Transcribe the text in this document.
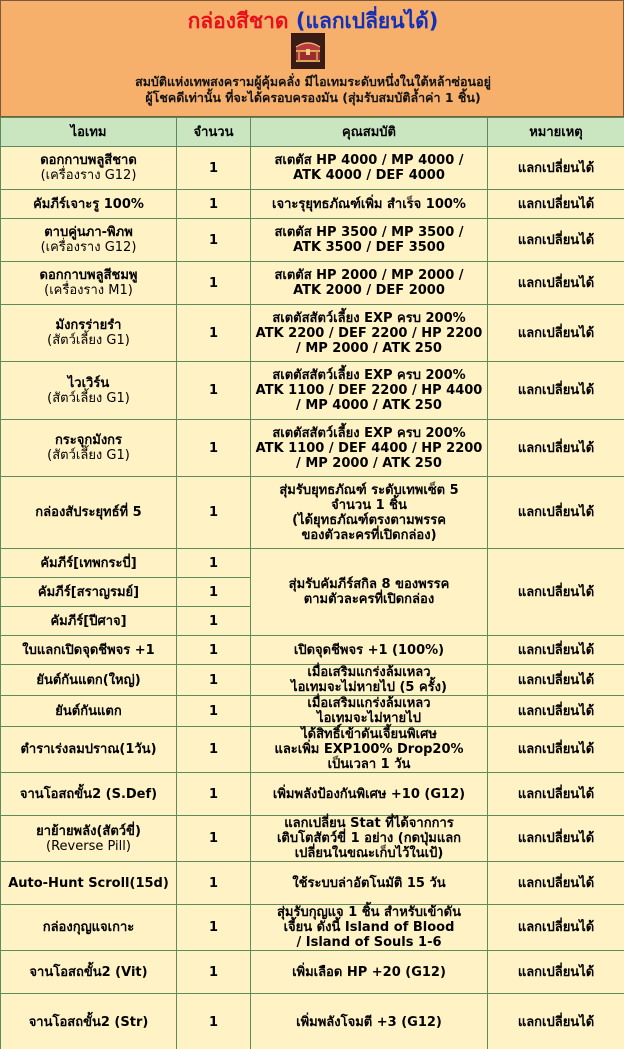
กล่องสีชาด (แลกเปลี่ยนได้)
สมบัติแห่งเทพสงครามผู้คุ้มคลั่ง มีไอเทมระดับหนึ่งในใต้หล้าซ่อนอยู่
ผู้โชคดีเท่านั้น ที่จะได้ครอบครองมัน (สุ่มรับสมบัติล้ำค่า 1 ชิ้น)
ไอเทม	จำนวน	คุณสมบัติ	หมายเหตุ

ดอกกาบพลูสีชาด
(เครื่องราง G12)	1	สเตตัส HP 4000 / MP 4000 /
ATK 4000 / DEF 4000	แลกเปลี่ยนได้

คัมภีร์เจาะรู 100%	1	เจาะรุยุทธภัณฑ์เพิ่ม สำเร็จ 100%	แลกเปลี่ยนได้

ตาบคู่นภา-พิภพ
(เครื่องราง G12)	1	สเตตัส HP 3500 / MP 3500 /
ATK 3500 / DEF 3500	แลกเปลี่ยนได้

ดอกกาบพลูสีชมพู
(เครื่องราง M1)	1	สเตตัส HP 2000 / MP 2000 /
ATK 2000 / DEF 2000	แลกเปลี่ยนได้

มังกรร่ายรำ
(สัตว์เลี้ยง G1)	1	สเตตัสสัตว์เลี้ยง EXP ครบ 200%
ATK 2200 / DEF 2200 / HP 2200
/ MP 2000 / ATK 250	แลกเปลี่ยนได้

ไวเวิร์น
(สัตว์เลี้ยง G1)	1	สเตตัสสัตว์เลี้ยง EXP ครบ 200%
ATK 1100 / DEF 2200 / HP 4400
/ MP 4000 / ATK 250	แลกเปลี่ยนได้

กระจุกมังกร
(สัตว์เลี้ยง G1)	1	สเตตัสสัตว์เลี้ยง EXP ครบ 200%
ATK 1100 / DEF 4400 / HP 2200
/ MP 2000 / ATK 250	แลกเปลี่ยนได้

กล่องสัประยุทธ์ที่ 5	1	สุ่มรับยุทธภัณฑ์ ระดับเทพเซ็ต 5
จำนวน 1 ชิ้น
(ได้ยุทธภัณฑ์ตรงตามพรรค
ของตัวละครที่เปิดกล่อง)	แลกเปลี่ยนได้

คัมภีร์[เทพกระบี่]	1	สุ่มรับคัมภีร์สกิล 8 ของพรรค
ตามตัวละครที่เปิดกล่อง	แลกเปลี่ยนได้

คัมภีร์[สราญรมย์]	1		

คัมภีร์[ปีศาจ]	1		

ใบแลกเปิดจุดชีพจร +1	1	เปิดจุดชีพจร +1 (100%)	แลกเปลี่ยนได้

ยันต์กันแตก(ใหญ่)	1	เมื่อเสริมแกร่งล้มเหลว
ไอเทมจะไม่หายไป (5 ครั้ง)	แลกเปลี่ยนได้

ยันต์กันแตก	1	เมื่อเสริมแกร่งล้มเหลว
ไอเทมจะไม่หายไป	แลกเปลี่ยนได้

ตำราเร่งลมปราณ(1วัน)	1	ได้สิทธิ์เข้าดันเจี้ยนพิเศษ
และเพิ่ม EXP100% Drop20%
เป็นเวลา 1 วัน	แลกเปลี่ยนได้

จานโอสถขั้น2 (S.Def)	1	เพิ่มพลังป้องกันพิเศษ +10 (G12)	แลกเปลี่ยนได้

ยาย้ายพลัง(สัตว์ขี่)
(Reverse Pill)	1	แลกเปลี่ยน Stat ที่ได้จากการ
เติบโตสัตว์ขี่ 1 อย่าง (กดปุ่มแลก
เปลี่ยนในขณะเก็บไว้ในเป้)	แลกเปลี่ยนได้

Auto-Hunt Scroll(15d)	1	ใช้ระบบล่าอัตโนมัติ 15 วัน	แลกเปลี่ยนได้

กล่องกุญแจเกาะ	1	สุ่มรับกุญแจ 1 ชิ้น สำหรับเข้าดัน
เจี้ยน ดังนี้ Island of Blood
/ Island of Souls 1-6	แลกเปลี่ยนได้

จานโอสถขั้น2 (Vit)	1	เพิ่มเลือด HP +20 (G12)	แลกเปลี่ยนได้

จานโอสถขั้น2 (Str)	1	เพิ่มพลังโจมตี +3 (G12)	แลกเปลี่ยนได้
